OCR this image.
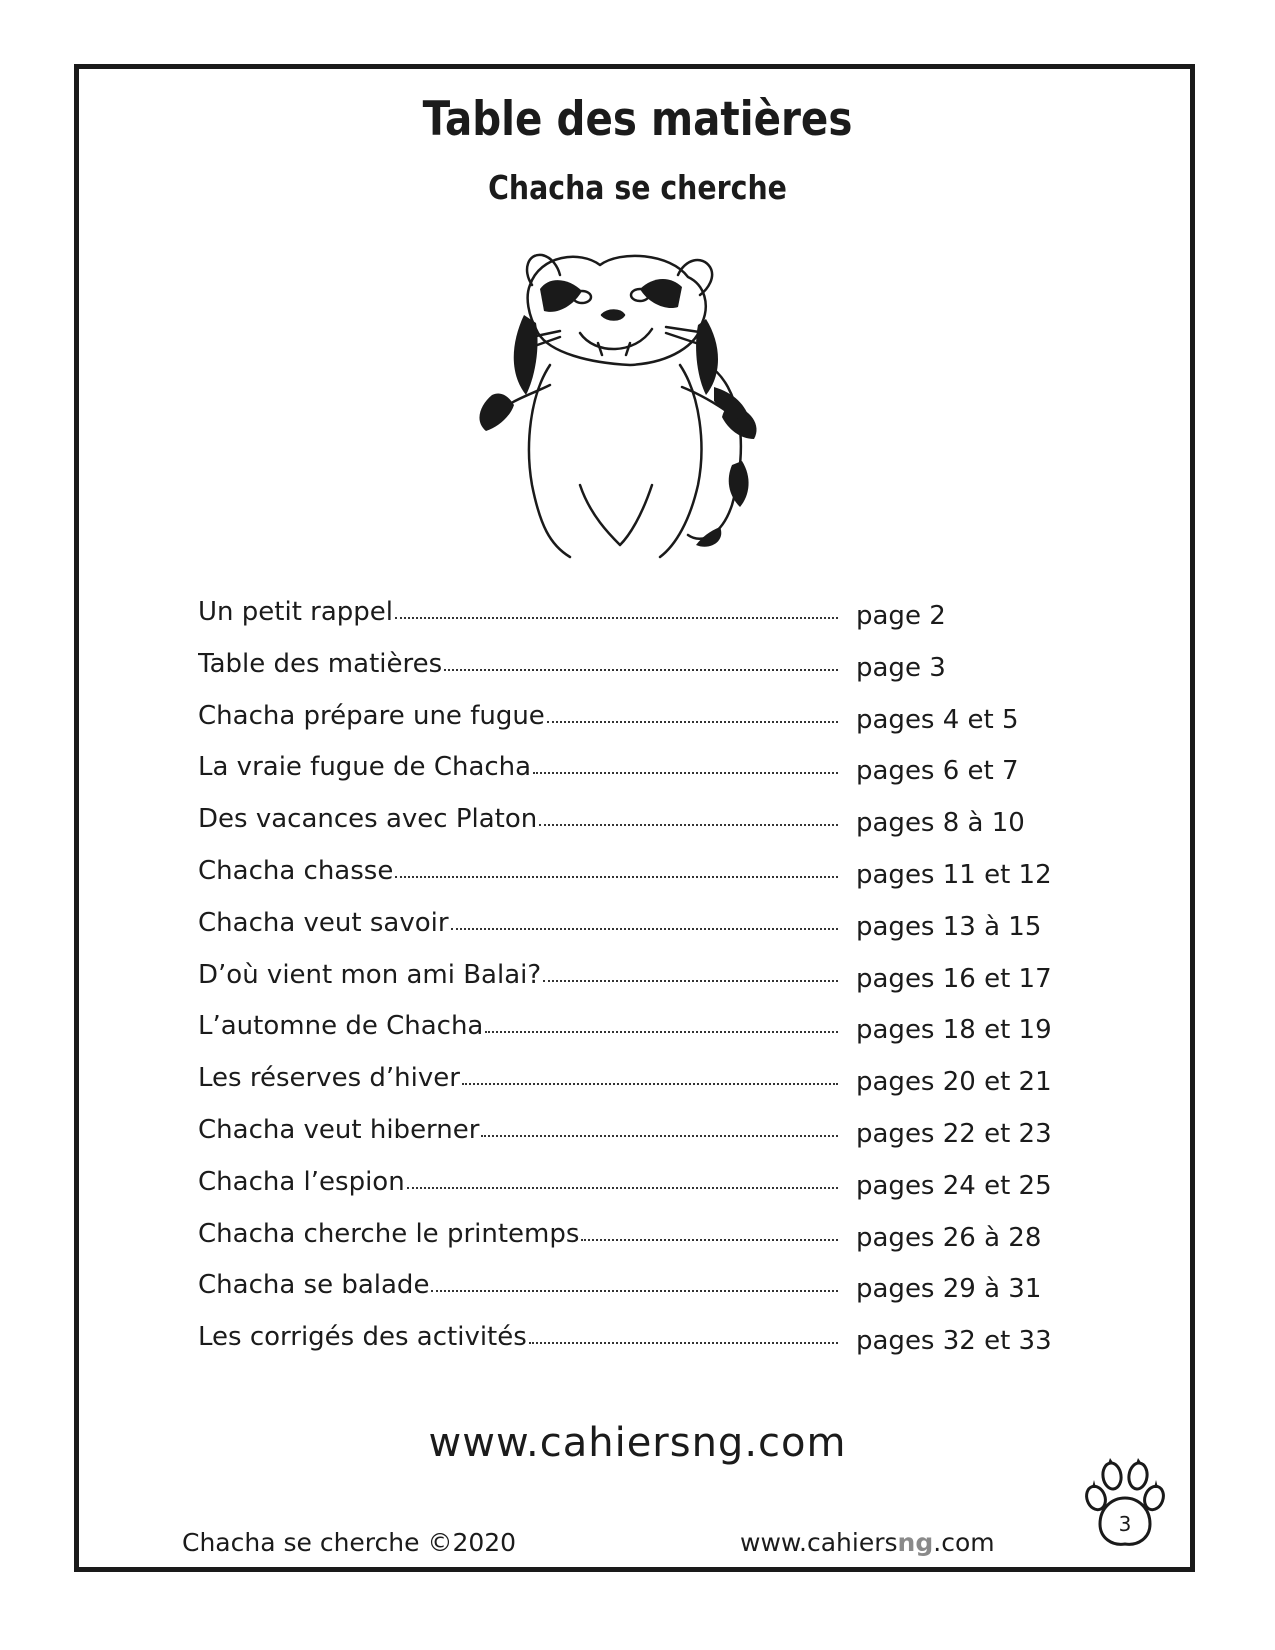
Table des matières
Chacha se cherche
Un petit rappel	page 2
Table des matières	page 3
Chacha prépare une fugue	pages 4 et 5
La vraie fugue de Chacha	pages 6 et 7
Des vacances avec Platon	pages 8 à 10
Chacha chasse	pages 11 et 12
Chacha veut savoir	pages 13 à 15
D’où vient mon ami Balai?	pages 16 et 17
L’automne de Chacha	pages 18 et 19
Les réserves d’hiver	pages 20 et 21
Chacha veut hiberner	pages 22 et 23
Chacha l’espion	pages 24 et 25
Chacha cherche le printemps	pages 26 à 28
Chacha se balade	pages 29 à 31
Les corrigés des activités	pages 32 et 33
www.cahiersng.com
Chacha se cherche ©2020	www.cahiersng.com
3
